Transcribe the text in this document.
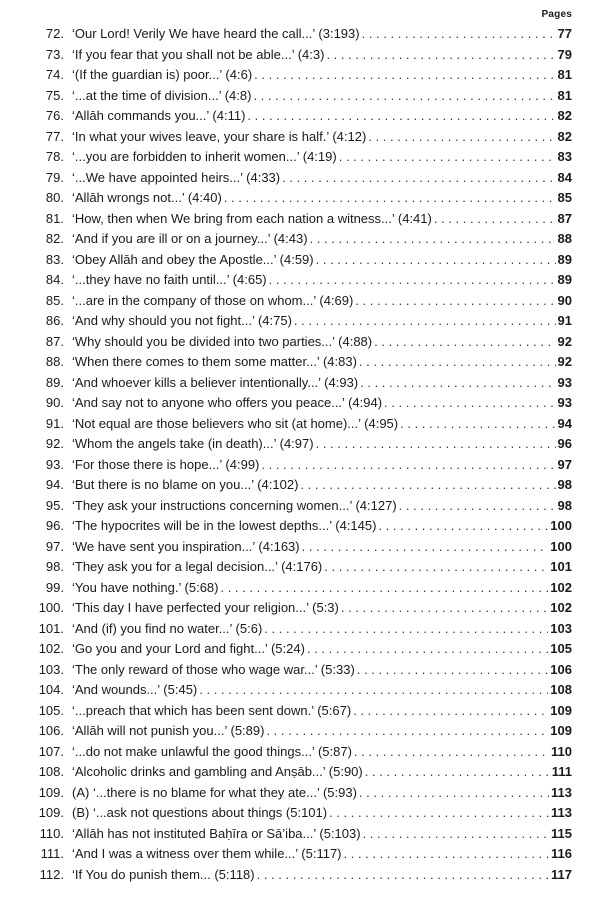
Pages
72. ‘Our Lord! Verily We have heard the call...’ (3:193) . . .	77
73. ‘If you fear that you shall not be able...’ (4:3) . . .	79
74. ‘(If the guardian is) poor...’ (4:6) . . .	81
75. ‘...at the time of division...’ (4:8) . . .	81
76. ‘Allāh commands you...’ (4:11) . . .	82
77. ‘In what your wives leave, your share is half.’ (4:12) . . .	82
78. ‘...you are forbidden to inherit women...’ (4:19) . . .	83
79. ‘...We have appointed heirs...’ (4:33) . . .	84
80. ‘Allāh wrongs not...’ (4:40) . . .	85
81. ‘How, then when We bring from each nation a witness...’ (4:41) . . .	87
82. ‘And if you are ill or on a journey...’ (4:43) . . .	88
83. ‘Obey Allāh and obey the Apostle...’ (4:59) . . .	89
84. ‘...they have no faith until...’ (4:65) . . .	89
85. ‘...are in the company of those on whom...’ (4:69) . . .	90
86. ‘And why should you not fight...’ (4:75) . . .	91
87. ‘Why should you be divided into two parties...’ (4:88) . . .	92
88. ‘When there comes to them some matter...’ (4:83) . . .	92
89. ‘And whoever kills a believer intentionally...’ (4:93) . . .	93
90. ‘And say not to anyone who offers you peace...’ (4:94) . . .	93
91. ‘Not equal are those believers who sit (at home)...’ (4:95) . . .	94
92. ‘Whom the angels take (in death)...’ (4:97) . . .	96
93. ‘For those there is hope...’ (4:99) . . .	97
94. ‘But there is no blame on you...’ (4:102) . . .	98
95. ‘They ask your instructions concerning women...’ (4:127) . . .	98
96. ‘The hypocrites will be in the lowest depths...’ (4:145) . . .	100
97. ‘We have sent you inspiration...’ (4:163) . . .	100
98. ‘They ask you for a legal decision...’ (4:176) . . .	101
99. ‘You have nothing.’ (5:68) . . .	102
100. ‘This day I have perfected your religion...’ (5:3) . . .	102
101. ‘And (if) you find no water...’ (5:6) . . .	103
102. ‘Go you and your Lord and fight...’ (5:24) . . .	105
103. ‘The only reward of those who wage war...’ (5:33) . . .	106
104. ‘And wounds...’ (5:45) . . .	108
105. ‘...preach that which has been sent down.’ (5:67) . . .	109
106. ‘Allāh will not punish you...’ (5:89) . . .	109
107. ‘...do not make unlawful the good things...’ (5:87) . . .	110
108. ‘Alcoholic drinks and gambling and Anṣāb...’ (5:90) . . .	111
109. (A) ‘...there is no blame for what they ate...’ (5:93) . . .	113
109. (B) ‘...ask not questions about things (5:101) . . .	113
110. ‘Allāh has not instituted Baḥīra or Sā’iba...’ (5:103) . . .	115
111. ‘And I was a witness over them while...’ (5:117) . . .	116
112. ‘If You do punish them... (5:118) . . .	117
